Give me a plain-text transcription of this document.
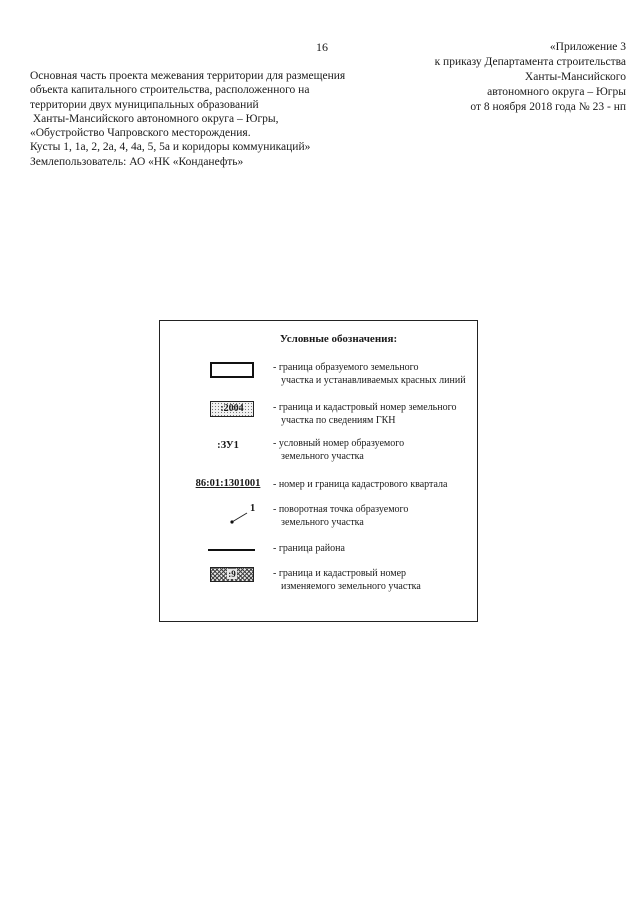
16	«Приложение 3
к приказу Департамента строительства
Ханты-Мансийского
автономного округа – Югры
от 8 ноября 2018 года № 23 - нп
Основная часть проекта межевания территории для размещения
объекта капитального строительства, расположенного на
территории двух муниципальных образований
Ханты-Мансийского автономного округа – Югры,
«Обустройство Чапровского месторождения.
Кусты 1, 1а, 2, 2а, 4, 4а, 5, 5а и коридоры коммуникаций»
Землепользователь: АО «НК «Конданефть»
Условные обозначения:
- граница образуемого земельного
участка и устанавливаемых красных линий
:2004	- граница и кадастровый номер земельного
участка по сведениям ГКН
:ЗУ1	- условный номер образуемого
земельного участка
86:01:1301001	- номер и граница кадастрового квартала
1 - поворотная точка образуемого
земельного участка
- граница района
:9	- граница и кадастровый номер
изменяемого земельного участка
